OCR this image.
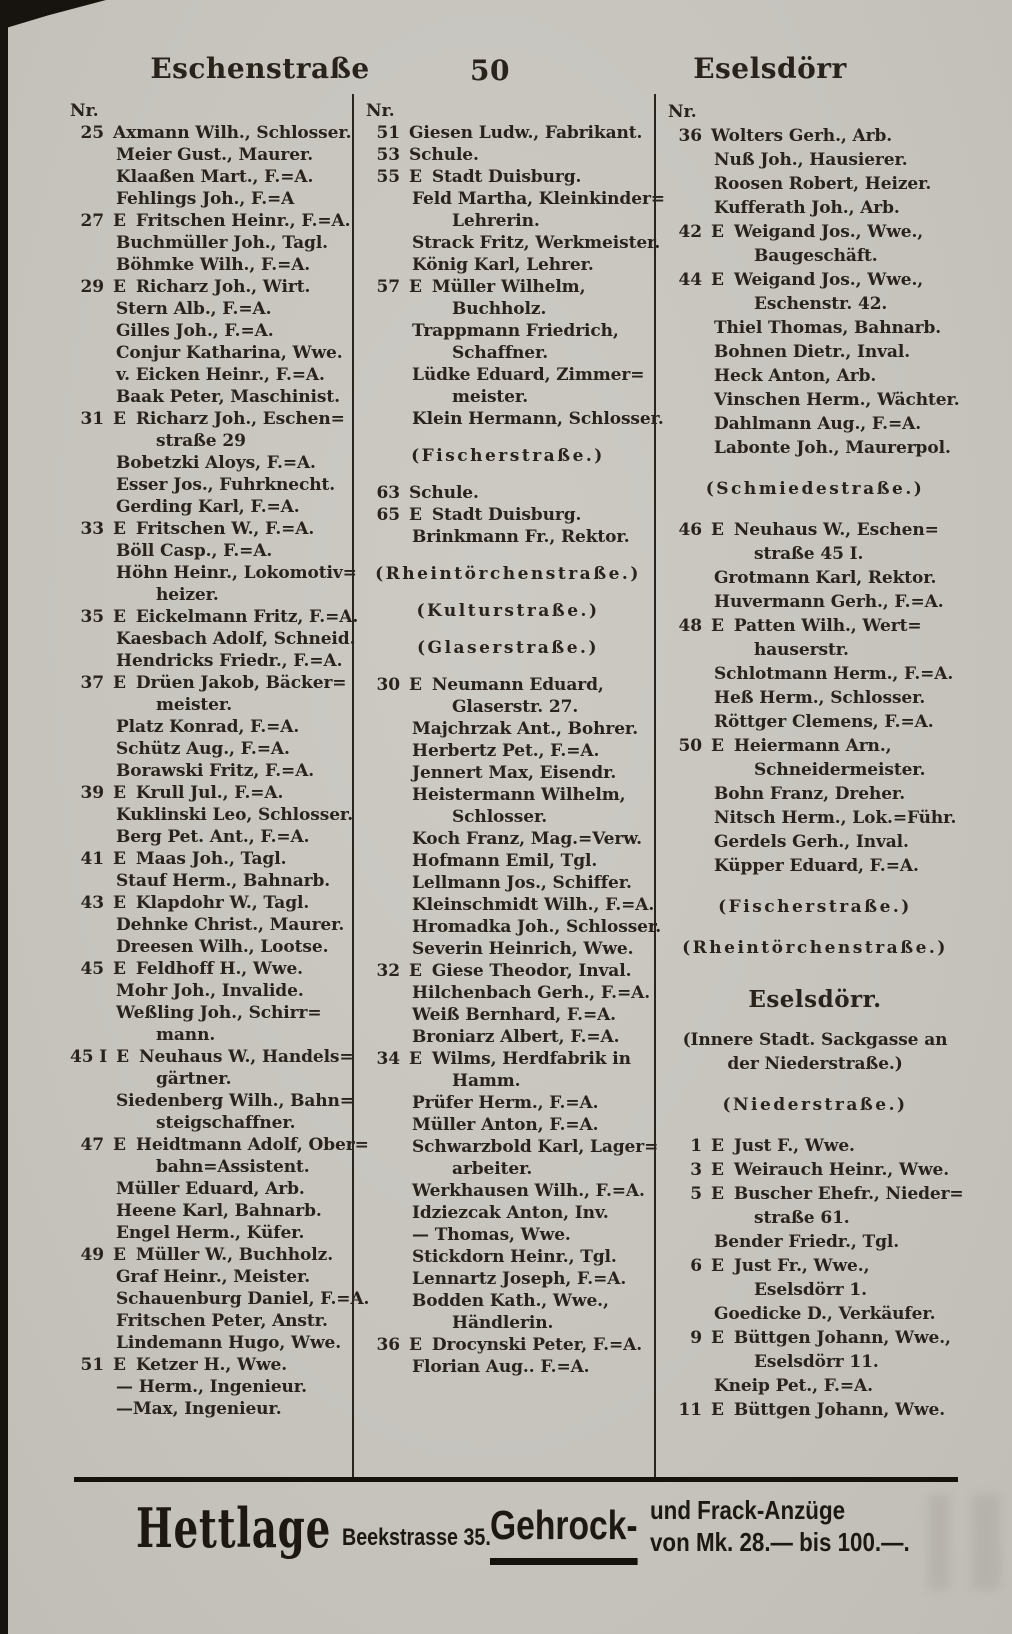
Eschenstraße	50	Eselsdörr
Nr.
25 Axmann Wilh., Schlosser.
Meier Gust., Maurer.
Klaaßen Mart., F.=A.
Fehlings Joh., F.=A
27 E Fritschen Heinr., F.=A.
Buchmüller Joh., Tagl.
Böhmke Wilh., F.=A.
29 E Richarz Joh., Wirt.
Stern Alb., F.=A.
Gilles Joh., F.=A.
Conjur Katharina, Wwe.
v. Eicken Heinr., F.=A.
Baak Peter, Maschinist.
31 E Richarz Joh., Eschen=
straße 29
Bobetzki Aloys, F.=A.
Esser Jos., Fuhrknecht.
Gerding Karl, F.=A.
33 E Fritschen W., F.=A.
Böll Casp., F.=A.
Höhn Heinr., Lokomotiv=
heizer.
35 E Eickelmann Fritz, F.=A.
Kaesbach Adolf, Schneid.
Hendricks Friedr., F.=A.
37 E Drüen Jakob, Bäcker=
meister.
Platz Konrad, F.=A.
Schütz Aug., F.=A.
Borawski Fritz, F.=A.
39 E Krull Jul., F.=A.
Kuklinski Leo, Schlosser.
Berg Pet. Ant., F.=A.
41 E Maas Joh., Tagl.
Stauf Herm., Bahnarb.
43 E Klapdohr W., Tagl.
Dehnke Christ., Maurer.
Dreesen Wilh., Lootse.
45 E Feldhoff H., Wwe.
Mohr Joh., Invalide.
Weßling Joh., Schirr=
mann.
45 I E Neuhaus W., Handels=
gärtner.
Siedenberg Wilh., Bahn=
steigschaffner.
47 E Heidtmann Adolf, Ober=
bahn=Assistent.
Müller Eduard, Arb.
Heene Karl, Bahnarb.
Engel Herm., Küfer.
49 E Müller W., Buchholz.
Graf Heinr., Meister.
Schauenburg Daniel, F.=A.
Fritschen Peter, Anstr.
Lindemann Hugo, Wwe.
51 E Ketzer H., Wwe.
— Herm., Ingenieur.
—Max, Ingenieur.
Nr.
51 Giesen Ludw., Fabrikant.
53 Schule.
55 E Stadt Duisburg.
Feld Martha, Kleinkinder=
Lehrerin.
Strack Fritz, Werkmeister.
König Karl, Lehrer.
57 E Müller Wilhelm,
Buchholz.
Trappmann Friedrich,
Schaffner.
Lüdke Eduard, Zimmer=
meister.
Klein Hermann, Schlosser.
(Fischerstraße.)
63 Schule.
65 E Stadt Duisburg.
Brinkmann Fr., Rektor.
(Rheintörchenstraße.)
(Kulturstraße.)
(Glaserstraße.)
30 E Neumann Eduard,
Glaserstr. 27.
Majchrzak Ant., Bohrer.
Herbertz Pet., F.=A.
Jennert Max, Eisendr.
Heistermann Wilhelm,
Schlosser.
Koch Franz, Mag.=Verw.
Hofmann Emil, Tgl.
Lellmann Jos., Schiffer.
Kleinschmidt Wilh., F.=A.
Hromadka Joh., Schlosser.
Severin Heinrich, Wwe.
32 E Giese Theodor, Inval.
Hilchenbach Gerh., F.=A.
Weiß Bernhard, F.=A.
Broniarz Albert, F.=A.
34 E Wilms, Herdfabrik in
Hamm.
Prüfer Herm., F.=A.
Müller Anton, F.=A.
Schwarzbold Karl, Lager=
arbeiter.
Werkhausen Wilh., F.=A.
Idziezcak Anton, Inv.
— Thomas, Wwe.
Stickdorn Heinr., Tgl.
Lennartz Joseph, F.=A.
Bodden Kath., Wwe.,
Händlerin.
36 E Drocynski Peter, F.=A.
Florian Aug.. F.=A.
Nr.
36 Wolters Gerh., Arb.
Nuß Joh., Hausierer.
Roosen Robert, Heizer.
Kufferath Joh., Arb.
42 E Weigand Jos., Wwe.,
Baugeschäft.
44 E Weigand Jos., Wwe.,
Eschenstr. 42.
Thiel Thomas, Bahnarb.
Bohnen Dietr., Inval.
Heck Anton, Arb.
Vinschen Herm., Wächter.
Dahlmann Aug., F.=A.
Labonte Joh., Maurerpol.
(Schmiedestraße.)
46 E Neuhaus W., Eschen=
straße 45 I.
Grotmann Karl, Rektor.
Huvermann Gerh., F.=A.
48 E Patten Wilh., Wert=
hauserstr.
Schlotmann Herm., F.=A.
Heß Herm., Schlosser.
Röttger Clemens, F.=A.
50 E Heiermann Arn.,
Schneidermeister.
Bohn Franz, Dreher.
Nitsch Herm., Lok.=Führ.
Gerdels Gerh., Inval.
Küpper Eduard, F.=A.
(Fischerstraße.)
(Rheintörchenstraße.)
Eselsdörr.
(Innere Stadt. Sackgasse an
der Niederstraße.)
(Niederstraße.)
1 E Just F., Wwe.
3 E Weirauch Heinr., Wwe.
5 E Buscher Ehefr., Nieder=
straße 61.
Bender Friedr., Tgl.
6 E Just Fr., Wwe.,
Eselsdörr 1.
Goedicke D., Verkäufer.
9 E Büttgen Johann, Wwe.,
Eselsdörr 11.
Kneip Pet., F.=A.
11 E Büttgen Johann, Wwe.
Hettlage Beekstrasse 35. Gehrock- und Frack-Anzüge
von Mk. 28.— bis 100.—.
